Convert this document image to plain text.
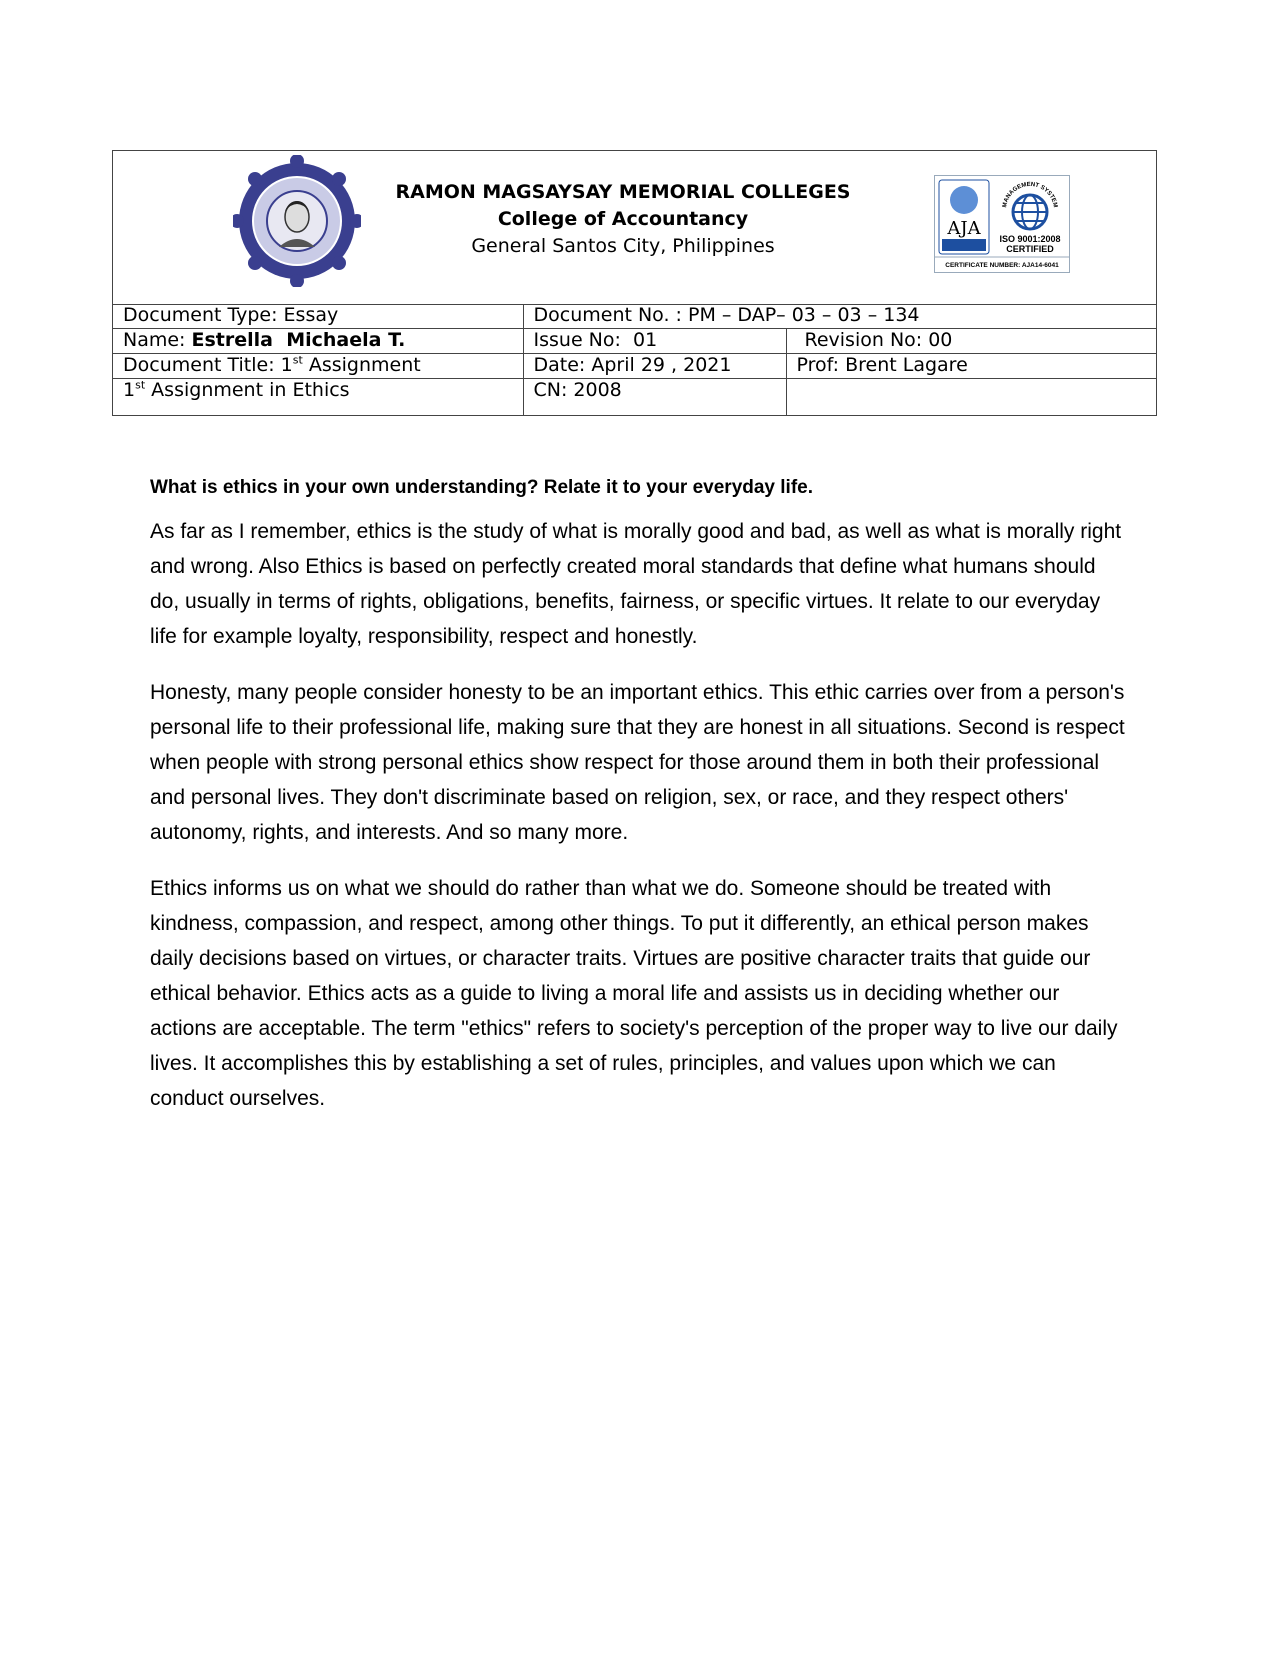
RAMON MAGSAYSAY MEMORIAL COLLEGES
College of Accountancy
General Santos City, Philippines
AJA
MANAGEMENT SYSTEM
ISO 9001:2008
CERTIFIED
CERTIFICATE NUMBER: AJA14-6041
Document Type: Essay	Document No. : PM – DAP– 03 – 03 – 134	
Name: Estrella  Michaela T.	Issue No:  01	Revision No: 00
Document Title: 1st Assignment	Date: April 29 , 2021	Prof: Brent Lagare
1st Assignment in Ethics	CN: 2008	
What is ethics in your own understanding? Relate it to your everyday life.

As far as I remember, ethics is the study of what is morally good and bad, as well as what is morally right and wrong. Also Ethics is based on perfectly created moral standards that define what humans should do, usually in terms of rights, obligations, benefits, fairness, or specific virtues. It relate to our everyday life for example loyalty, responsibility, respect and honestly.

Honesty, many people consider honesty to be an important ethics. This ethic carries over from a person's personal life to their professional life, making sure that they are honest in all situations. Second is respect when people with strong personal ethics show respect for those around them in both their professional and personal lives. They don't discriminate based on religion, sex, or race, and they respect others' autonomy, rights, and interests. And so many more.

Ethics informs us on what we should do rather than what we do. Someone should be treated with kindness, compassion, and respect, among other things. To put it differently, an ethical person makes daily decisions based on virtues, or character traits. Virtues are positive character traits that guide our ethical behavior. Ethics acts as a guide to living a moral life and assists us in deciding whether our actions are acceptable. The term "ethics" refers to society's perception of the proper way to live our daily lives. It accomplishes this by establishing a set of rules, principles, and values upon which we can conduct ourselves.
